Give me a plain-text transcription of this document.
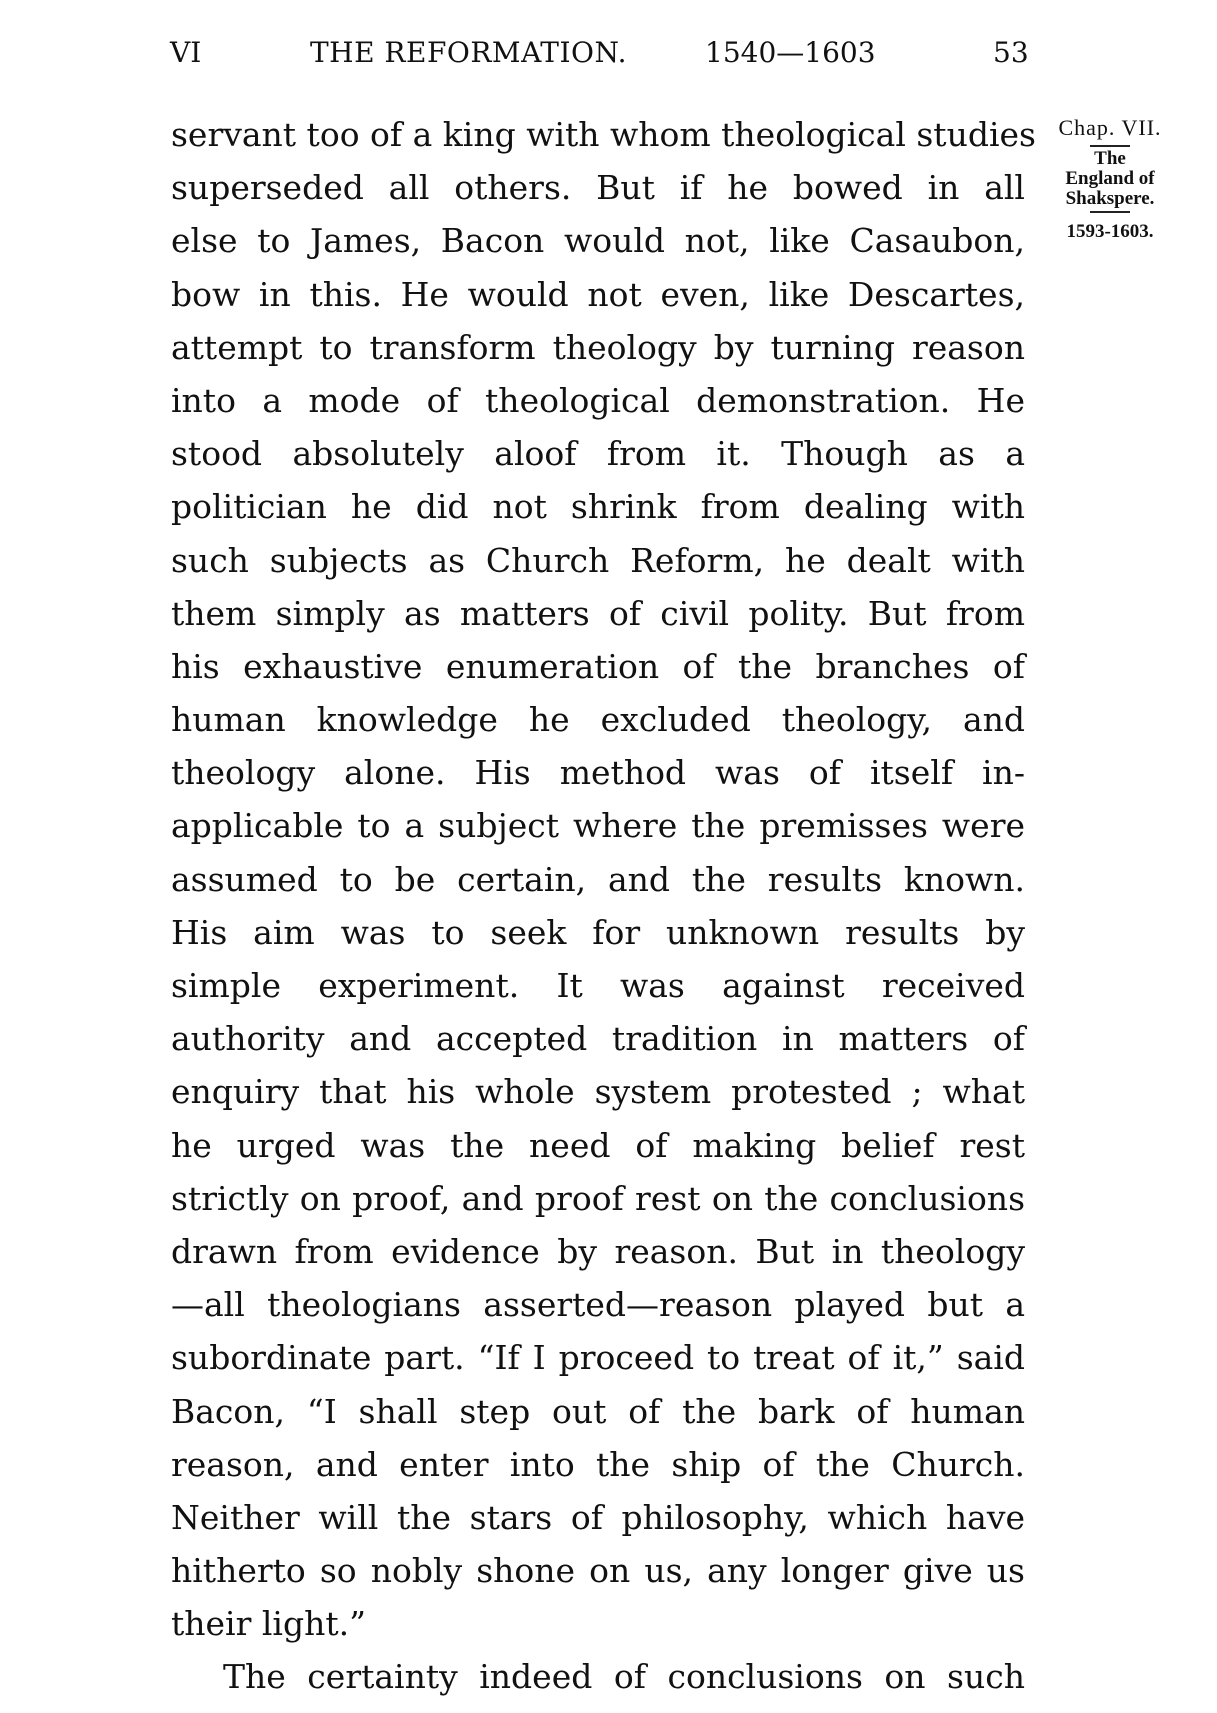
VI	THE REFORMATION.	1540—1603	53
Chap. VII.
The
England of
Shakspere.
1593-1603.
servant too of a king with whom theological studies
superseded all others. But if he bowed in all
else to James, Bacon would not, like Casaubon,
bow in this. He would not even, like Descartes,
attempt to transform theology by turning reason
into a mode of theological demonstration. He
stood absolutely aloof from it. Though as a
politician he did not shrink from dealing with
such subjects as Church Reform, he dealt with
them simply as matters of civil polity. But from
his exhaustive enumeration of the branches of
human knowledge he excluded theology, and
theology alone. His method was of itself in-
applicable to a subject where the premisses were
assumed to be certain, and the results known.
His aim was to seek for unknown results by
simple experiment. It was against received
authority and accepted tradition in matters of
enquiry that his whole system protested ; what
he urged was the need of making belief rest
strictly on proof, and proof rest on the conclusions
drawn from evidence by reason. But in theology
—all theologians asserted—reason played but a
subordinate part. “If I proceed to treat of it,” said
Bacon, “I shall step out of the bark of human
reason, and enter into the ship of the Church.
Neither will the stars of philosophy, which have
hitherto so nobly shone on us, any longer give us
their light.”
The certainty indeed of conclusions on such
